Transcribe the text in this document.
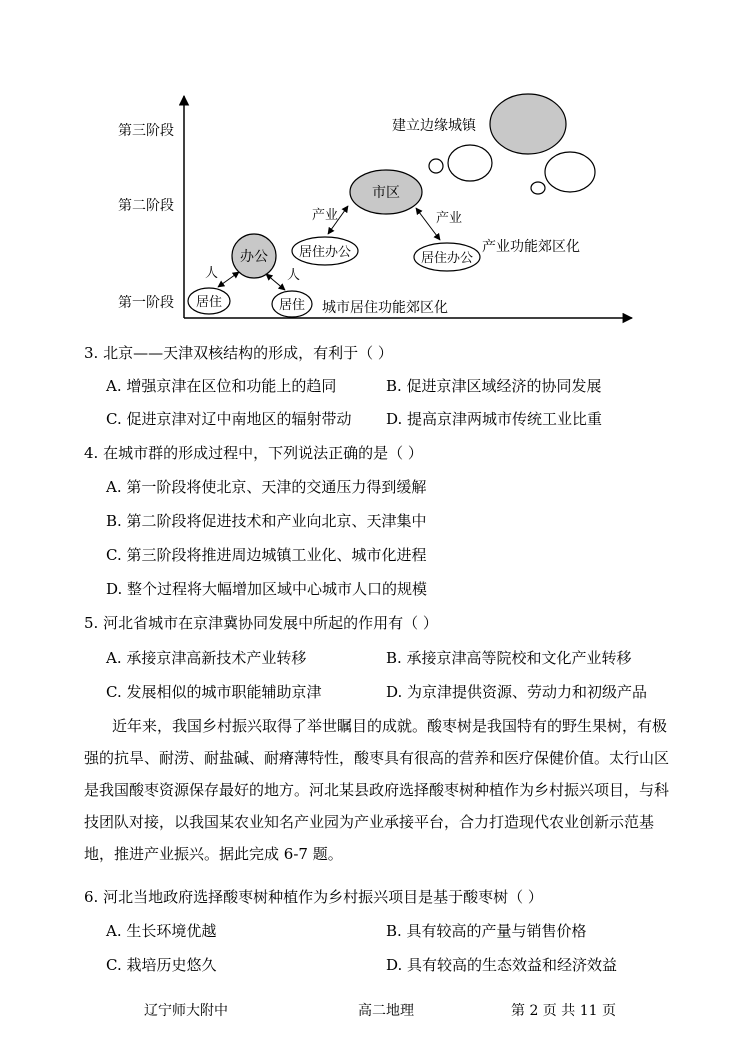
第三阶段
第二阶段
第一阶段 居住	居住
办公
人	人
城市居住功能郊区化
市区
居住办公	居住办公
产业	产业
产业功能郊区化
建立边缘城镇
3. 北京——天津双核结构的形成，有利于（ ）
A. 增强京津在区位和功能上的趋同	B. 促进京津区域经济的协同发展
C. 促进京津对辽中南地区的辐射带动 D. 提高京津两城市传统工业比重
4. 在城市群的形成过程中，下列说法正确的是（ ）
A. 第一阶段将使北京、天津的交通压力得到缓解
B. 第二阶段将促进技术和产业向北京、天津集中
C. 第三阶段将推进周边城镇工业化、城市化进程
D. 整个过程将大幅增加区域中心城市人口的规模
5. 河北省城市在京津冀协同发展中所起的作用有（ ）
A. 承接京津高新技术产业转移	B. 承接京津高等院校和文化产业转移
C. 发展相似的城市职能辅助京津	D. 为京津提供资源、劳动力和初级产品
近年来，我国乡村振兴取得了举世瞩目的成就。酸枣树是我国特有的野生果树，有极强的抗旱、耐涝、耐盐碱、耐瘠薄特性，酸枣具有很高的营养和医疗保健价值。太行山区是我国酸枣资源保存最好的地方。河北某县政府选择酸枣树种植作为乡村振兴项目，与科技团队对接，以我国某农业知名产业园为产业承接平台，合力打造现代农业创新示范基地，推进产业振兴。据此完成 6-7 题。
6. 河北当地政府选择酸枣树种植作为乡村振兴项目是基于酸枣树（ ）
A. 生长环境优越	B. 具有较高的产量与销售价格
C. 栽培历史悠久	D. 具有较高的生态效益和经济效益
辽宁师大附中	高二地理	第 2 页 共 11 页
